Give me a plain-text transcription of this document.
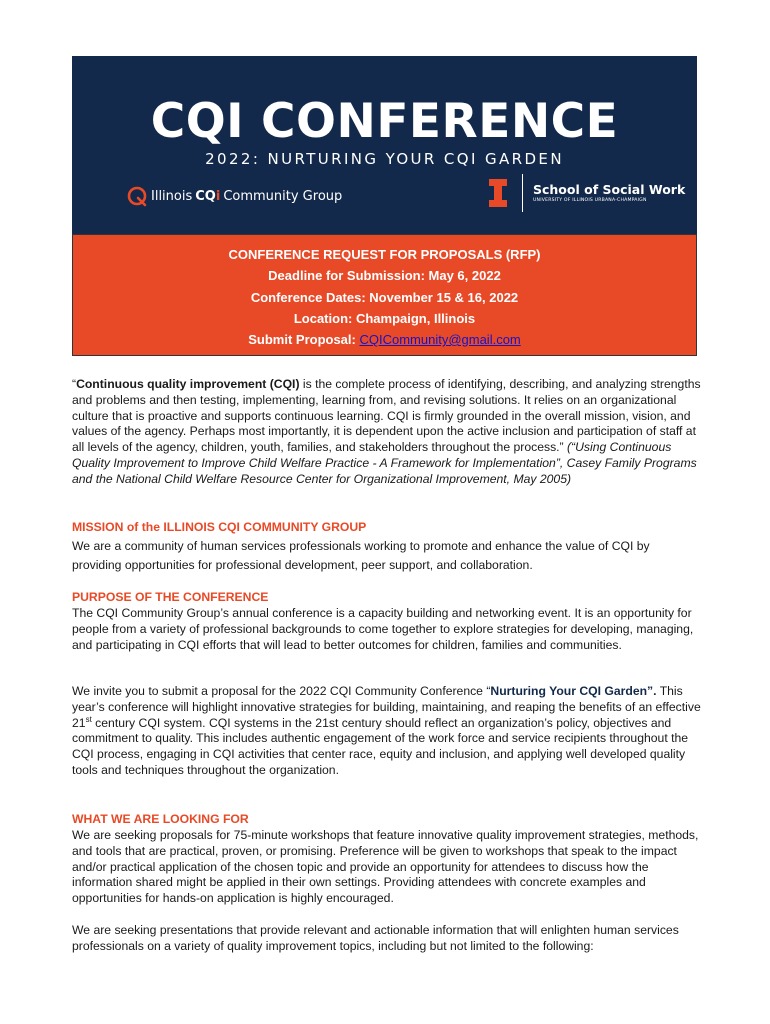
CQI CONFERENCE
2022: NURTURING YOUR CQI GARDEN
Illinois CQi Community Group	School of Social Work
UNIVERSITY OF ILLINOIS URBANA-CHAMPAIGN
CONFERENCE REQUEST FOR PROPOSALS (RFP)
Deadline for Submission: May 6, 2022
Conference Dates: November 15 & 16, 2022
Location: Champaign, Illinois
Submit Proposal: CQICommunity@gmail.com
“Continuous quality improvement (CQI) is the complete process of identifying, describing, and analyzing strengths and problems and then testing, implementing, learning from, and revising solutions. It relies on an organizational culture that is proactive and supports continuous learning. CQI is firmly grounded in the overall mission, vision, and values of the agency. Perhaps most importantly, it is dependent upon the active inclusion and participation of staff at all levels of the agency, children, youth, families, and stakeholders throughout the process.” (“Using Continuous Quality Improvement to Improve Child Welfare Practice - A Framework for Implementation”, Casey Family Programs and the National Child Welfare Resource Center for Organizational Improvement, May 2005)
MISSION of the ILLINOIS CQI COMMUNITY GROUP
We are a community of human services professionals working to promote and enhance the value of CQI by providing opportunities for professional development, peer support, and collaboration.
PURPOSE OF THE CONFERENCE
The CQI Community Group’s annual conference is a capacity building and networking event. It is an opportunity for people from a variety of professional backgrounds to come together to explore strategies for developing, managing, and participating in CQI efforts that will lead to better outcomes for children, families and communities.
We invite you to submit a proposal for the 2022 CQI Community Conference “Nurturing Your CQI Garden”. This year’s conference will highlight innovative strategies for building, maintaining, and reaping the benefits of an effective 21st century CQI system. CQI systems in the 21st century should reflect an organization’s policy, objectives and commitment to quality. This includes authentic engagement of the work force and service recipients throughout the CQI process, engaging in CQI activities that center race, equity and inclusion, and applying well developed quality tools and techniques throughout the organization.
WHAT WE ARE LOOKING FOR
We are seeking proposals for 75-minute workshops that feature innovative quality improvement strategies, methods, and tools that are practical, proven, or promising. Preference will be given to workshops that speak to the impact and/or practical application of the chosen topic and provide an opportunity for attendees to discuss how the information shared might be applied in their own settings. Providing attendees with concrete examples and opportunities for hands-on application is highly encouraged.
We are seeking presentations that provide relevant and actionable information that will enlighten human services professionals on a variety of quality improvement topics, including but not limited to the following:
